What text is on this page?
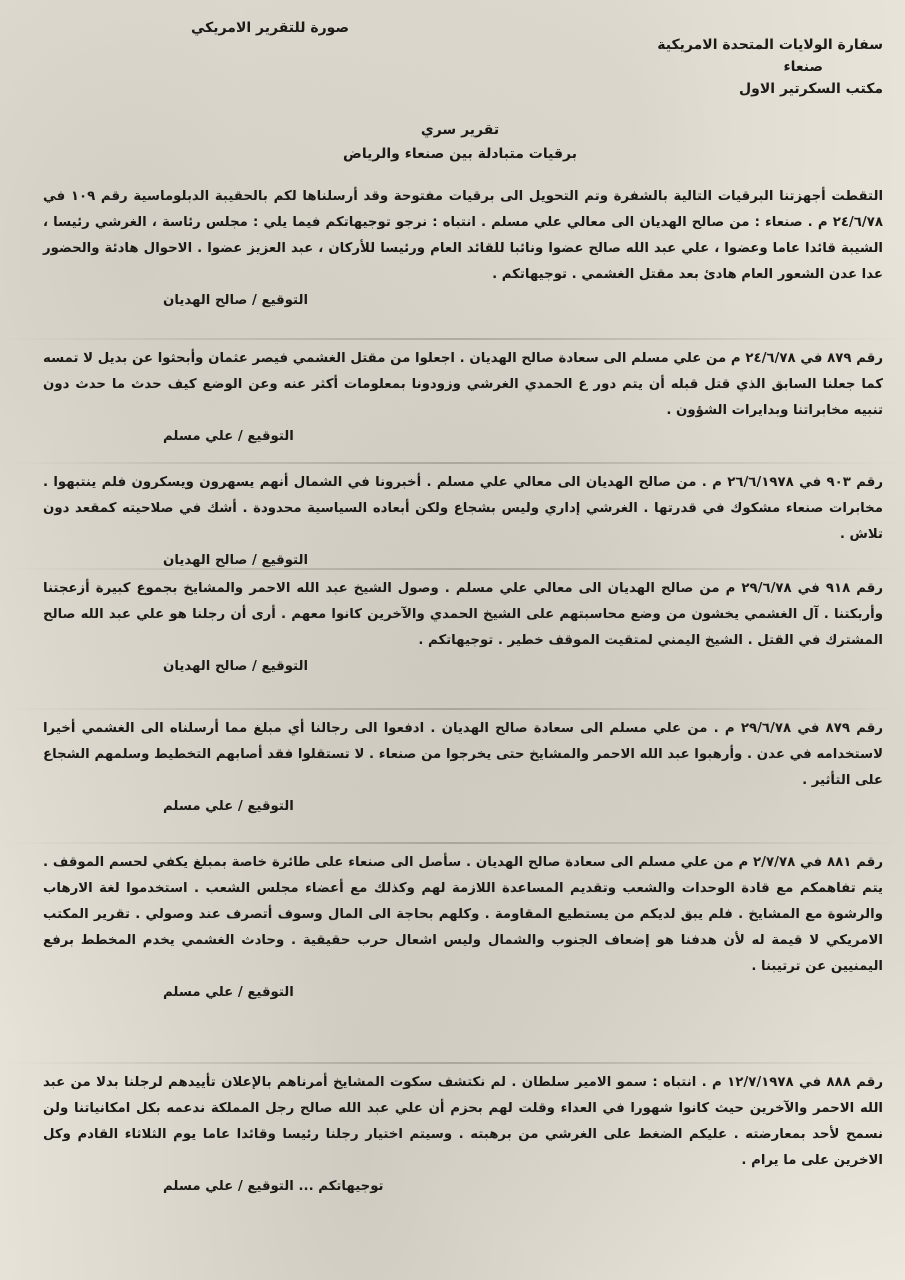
سفارة الولايات المتحدة الامريكية
صنعاء
مكتب السكرتير الاول
صورة للتقرير الامريكي
تقرير سري
برقيات متبادلة بين صنعاء والرياض
التقطت أجهزتنا البرقيات التالية بالشفرة وتم التحويل الى برقيات مفتوحة وقد أرسلناها لكم بالحقيبة الدبلوماسية رقم ١٠٩ في ٢٤/٦/٧٨ م . صنعاء : من صالح الهديان الى معالي علي مسلم . انتباه : نرجو توجيهاتكم فيما يلي : مجلس رئاسة ، الغرشي رئيسا ، الشيبة قائدا عاما وعضوا ، علي عبد الله صالح عضوا ونائبا للقائد العام ورئيسا للأركان ، عبد العزيز عضوا . الاحوال هادئة والحضور عدا عدن الشعور العام هادئ بعد مقتل الغشمي . توجيهاتكم .
التوقيع / صالح الهديان
رقم ٨٧٩ في ٢٤/٦/٧٨ م من علي مسلم الى سعادة صالح الهديان . اجعلوا من مقتل الغشمي فيصر عثمان وأبحثوا عن بديل لا تمسه كما جعلنا السابق الذي قتل قبله أن يتم دور ع الحمدي الغرشي وزودونا بمعلومات أكثر عنه وعن الوضع كيف حدث ما حدث دون تنبيه مخابراتنا وبدايرات الشؤون .
التوقيع / علي مسلم
رقم ٩٠٣ في ٢٦/٦/١٩٧٨ م . من صالح الهديان الى معالي علي مسلم . أخبرونا في الشمال أنهم يسهرون ويسكرون فلم ينتبهوا . مخابرات صنعاء مشكوك في قدرتها . الغرشي إداري وليس بشجاع ولكن أبعاده السياسية محدودة . أشك في صلاحيته كمقعد دون تلاش .
التوقيع / صالح الهديان
رقم ٩١٨ في ٢٩/٦/٧٨ م من صالح الهديان الى معالي علي مسلم . وصول الشيخ عبد الله الاحمر والمشايخ بجموع كبيرة أزعجتنا وأربكتنا . آل الغشمي يخشون من وضع محاسبتهم على الشيخ الحمدي والآخرين كانوا معهم . أرى أن رجلنا هو علي عبد الله صالح المشترك في القتل . الشيخ اليمني لمتقيت الموقف خطير . توجيهاتكم .
التوقيع / صالح الهديان
رقم ٨٧٩ في ٢٩/٦/٧٨ م . من علي مسلم الى سعادة صالح الهديان . ادفعوا الى رجالنا أي مبلغ مما أرسلناه الى الغشمي أخيرا لاستخدامه في عدن . وأرهبوا عبد الله الاحمر والمشايخ حتى يخرجوا من صنعاء . لا تستقلوا فقد أصابهم التخطيط وسلمهم الشجاع على التأثير .
التوقيع / علي مسلم
رقم ٨٨١ في ٢/٧/٧٨ م من علي مسلم الى سعادة صالح الهديان . سأصل الى صنعاء على طائرة خاصة بمبلغ يكفي لحسم الموقف . يتم تفاهمكم مع قادة الوحدات والشعب وتقديم المساعدة اللازمة لهم وكذلك مع أعضاء مجلس الشعب . استخدموا لغة الارهاب والرشوة مع المشايخ . فلم يبق لديكم من يستطيع المقاومة . وكلهم بحاجة الى المال وسوف أتصرف عند وصولي . تقرير المكتب الامريكي لا قيمة له لأن هدفنا هو إضعاف الجنوب والشمال وليس اشعال حرب حقيقية . وحادث الغشمي يخدم المخطط برفع اليمنيين عن ترتيبنا .
التوقيع / علي مسلم
رقم ٨٨٨ في ١٢/٧/١٩٧٨ م . انتباه : سمو الامير سلطان . لم نكتشف سكوت المشايخ أمرناهم بالإعلان تأييدهم لرجلنا بدلا من عبد الله الاحمر والآخرين حيث كانوا شهورا في العداء وقلت لهم بحزم أن علي عبد الله صالح رجل المملكة ندعمه بكل امكانياتنا ولن نسمح لأحد بمعارضته . عليكم الضغط على الغرشي من برهبته . وسيتم اختيار رجلنا رئيسا وقائدا عاما يوم الثلاثاء القادم وكل الاخرين على ما يرام .
توجيهاتكم ... التوقيع / علي مسلم
